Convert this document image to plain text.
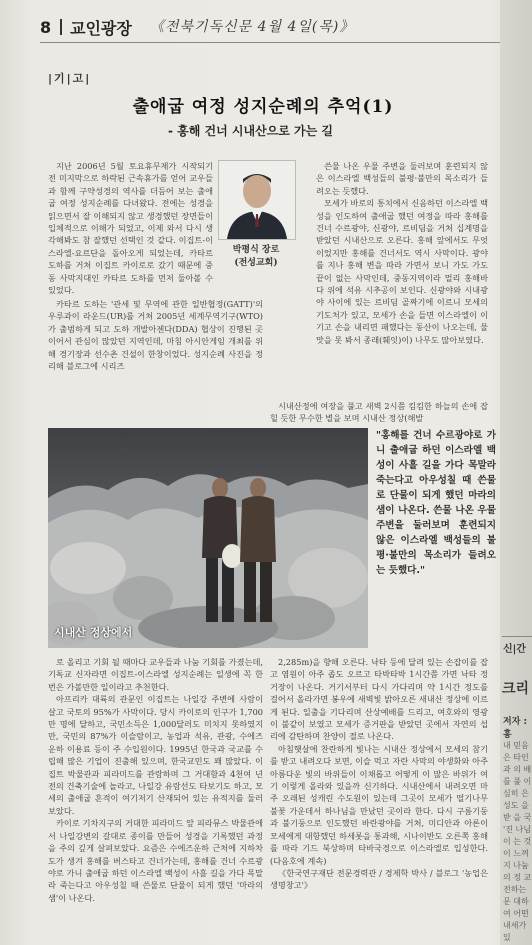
8 교인광장 《전북기독신문 4월 4일(목)》
|기|고|
출애굽 여정 성지순례의 추억(1)
- 홍해 건너 시내산으로 가는 길

지난 2006년 5월 토요휴무제가 시작되기 전 미지막으로 하락된 근속휴가를 얻어 교우들과 함께 구약성경의 역사를 더듬어 보는 출애굽 여정 성지순례를 다녀왔다. 전에는 성경을 읽으면서 잘 이해되지 않고 생경했던 장면들이 입체적으로 이해가 되었고, 이제 와서 다시 생각해봐도 참 잘했던 선택인 것 같다. 이집트-이스라엘-요르단을 돌아오게 되었는데, 카타르 도하를 거쳐 이집트 카이로로 갔기 때문에 중동 사막지대인 카타르 도하를 먼저 둘아볼 수 있었다.

박평식 장로
(전성교회)

쓴물 나온 우물 주변을 둘러보며 훈련되지 않은 이스라엘 백성들의 불평·불만의 목소리가 들려오는 듯했다.

모세가 바로의 통치에서 신음하던 이스라엘 백성을 인도하여 출애굽 했던 여정을 따라 홍해를 건너 수르광야, 신광야, 르비딤을 거쳐 십계명을 받았던 시내산으로 오른다. 홍해 앞에서도 무엇이었지만 홍해를 건너서도 역시 사막이다. 광야를 지나 홍해 변을 따라 가면서 보니 가도 가도 끝이 없는 사막인데, 중동지역이라 멀리 홍해바다 위에 석유 시추공이 보인다. 신광야와 시내광야 사이에 있는 르비딤 골짜기에 이르니 모세의 기도처가 있고, 모세가 손을 들면 이스라엘이 이기고 손을 내리면 패했다는 동산이 나오는데, 물맛을 못 봐서 종래(훼잇)이) 나무도 많아보였다.

카타르 도하는 '관세 및 무역에 관한 일반협정(GATT)'의 우루과이 라운드(UR)를 거쳐 2005년 세계무역기구(WTO)가 출범하게 되고 도하 개발아젠다(DDA) 협상이 진행된 곳이어서 관심이 많았던 지역인데, 마침 아시안게임 개최를 위해 경기장과 선수촌 건설이 한창이었다. 성지순례 사진을 정리해 블로그에 시리즈

시내산정에 여장을 풀고 새벽 2시쯤 킴킴한 하늘의 손에 잡힐 듯한 무수한 별을 보며 시내산 정상(해발

시내산 정상에서
"홍해를 건너 수르광야로 가니 출애굽 하던 이스라엘 백성이 사흘 길을 가다 목말라 죽는다고 아우성칠 때 쓴물로 단물이 되게 했던 마라의 샘이 나온다. 쓴물 나온 우물 주변을 둘러보며 훈련되지 않은 이스라엘 백성들의 불평·불만의 목소리가 들려오는 듯했다."

로 올리고 기회 될 때마다 교우들과 나눔 기회를 가졌는데, 기독교 신자라면 이집트-이스라엘 성지순례는 일생에 꼭 한번은 가볼만한 일이라고 추천한다.

아프리카 대륙의 관문인 이집트는 나일강 주변에 사람이 살고 국토의 95%가 사막이다. 당시 카이로의 인구가 1,700만 명에 달하고, 국민소득은 1,000달러도 미치지 못하였지만, 국민의 87%가 이슬람이고, 농업과 석유, 관광, 수에즈 운하 이용료 등이 주 수입원이다. 1995년 한국과 국교를 수립해 많은 기업이 진출해 있으며, 한국교민도 꽤 많았다. 이집트 박물관과 피라미드를 관람하며 그 거대함과 4천여 년 전의 건축기술에 놀라고, 나일강 유람선도 타보기도 하고, 모세의 출애굽 흔적이 여기저기 산재되어 있는 유적지를 둘러보았다.

카이로 기차지구의 거대한 피라미드 앞 피라뮤스 박물관에서 나일강변의 갈대로 종이를 만들어 성경을 기록했던 과정을 주의 깊게 살펴보았다. 요즘은 수에즈운하 근처에 지하차도가 생겨 홍해를 버스타고 건너가는데, 홍해를 건너 수르광야로 가니 출애굽 하던 이스라엘 백성이 사흘 길을 가다 목말라 죽는다고 아우성칠 때 쓴물로 단물이 되게 했던 '마라의 샘'이 나온다.

2,285m)을 향해 오른다. 낙타 등에 달려 있는 손잡이를 잡고 염원이 아주 좁도 오르고 타박타박 1시간쯤 가면 낙타 정거장이 나온다. 거기서부터 다시 가다리며 약 1시간 정도를 걸어서 올라가면 봉우에 새벽빛 밝아오른 새내산 정상에 이르게 된다. 일출을 기다리며 산상예배를 드리고, 여호와의 영광이 불같이 보였고 모세가 증거판을 받았던 곳에서 자연의 섭리에 감탄하며 찬양이 절로 나온다.

아침햇살에 찬란하게 빛나는 시내산 정상에서 모세의 참기를 받고 내려오다 보면, 이슬 먹고 자란 사막의 야생화와 아주 아름다운 빛의 바위들이 이채롭고 어떻게 이 많은 바위가 여기 이렇게 올라와 있을까 신기하다. 시내산에서 내려오면 마주 오래된 성캐린 수도원이 있는데 그곳이 모세가 떨기나무 불꽃 가운데서 하나님을 만났던 곳이라 한다. 다시 구름기둥과 불기둥으로 인도했던 바란광야를 거쳐, 미디안과 아론이 모세에게 대항했던 하세롯을 통과해, 시나이반도 오른쪽 홍해를 따라 기드 북상하며 타바국경으로 이스라엘로 입성한다. (다음호에 계속)

《한국연구재단 전문경력관 / 경제학 박사 / 블로그 '농업은 생명창고'》

신|간
크리
저자 : 홍
내 믿음 은 타인과 의 배를 풀 이 심히 은 성도 을 받 을 국 '진 나님이 는 것이 느껴지 나눔의 정 교 전하는 문 대하여 어떤 내세가 있
